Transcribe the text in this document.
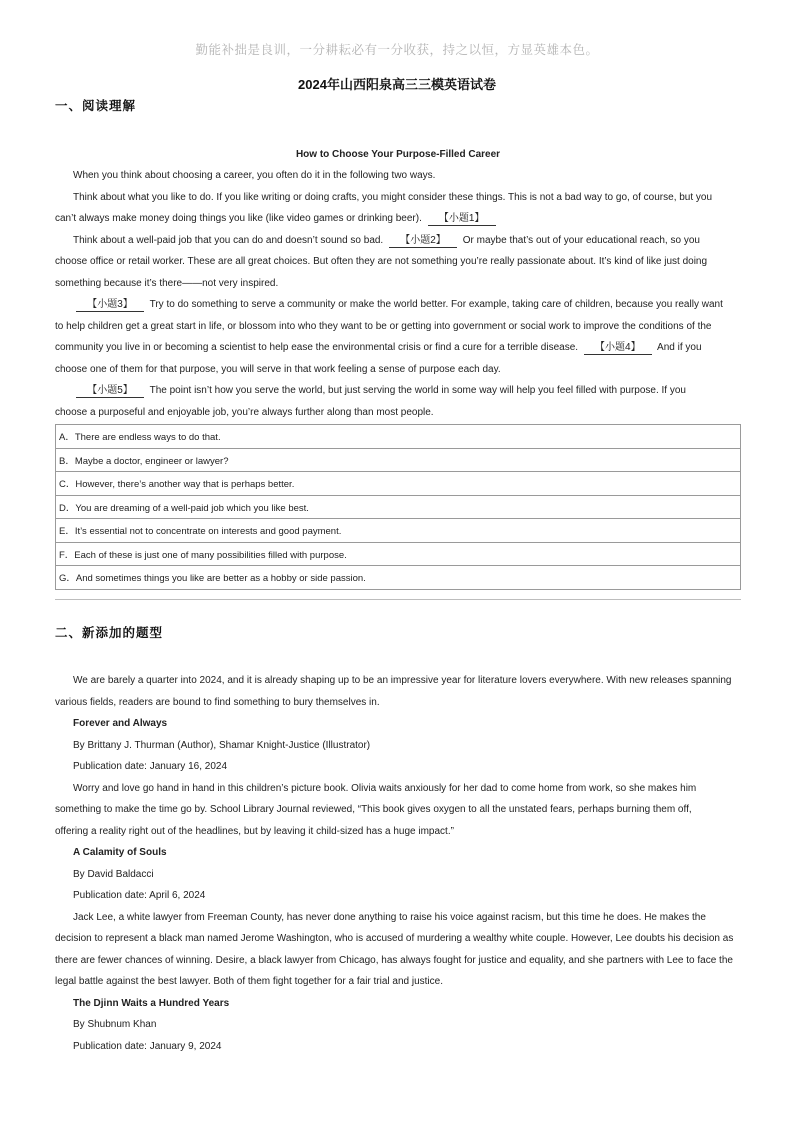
勤能补拙是良训，一分耕耘必有一分收获，持之以恒，方显英雄本色。
2024年山西阳泉高三三模英语试卷
一、阅读理解

How to Choose Your Purpose-Filled Career

When you think about choosing a career, you often do it in the following two ways.

Think about what you like to do. If you like writing or doing crafts, you might consider these things. This is not a bad way to go, of course, but you

can’t always make money doing things you like (like video games or drinking beer). 【小题1】

Think about a well-paid job that you can do and doesn’t sound so bad. 【小题2】 Or maybe that’s out of your educational reach, so you

choose office or retail worker. These are all great choices. But often they are not something you’re really passionate about. It’s kind of like just doing

something because it’s there——not very inspired.

【小题3】 Try to do something to serve a community or make the world better. For example, taking care of children, because you really want

to help children get a great start in life, or blossom into who they want to be or getting into government or social work to improve the conditions of the

community you live in or becoming a scientist to help ease the environmental crisis or find a cure for a terrible disease. 【小题4】 And if you

choose one of them for that purpose, you will serve in that work feeling a sense of purpose each day.

【小题5】 The point isn’t how you serve the world, but just serving the world in some way will help you feel filled with purpose. If you

choose a purposeful and enjoyable job, you’re always further along than most people.

A．There are endless ways to do that.
B．Maybe a doctor, engineer or lawyer?
C．However, there’s another way that is perhaps better.
D．You are dreaming of a well-paid job which you like best.
E．It’s essential not to concentrate on interests and good payment.
F．Each of these is just one of many possibilities filled with purpose.
G．And sometimes things you like are better as a hobby or side passion.
二、新添加的题型

We are barely a quarter into 2024, and it is already shaping up to be an impressive year for literature lovers everywhere. With new releases spanning

various fields, readers are bound to find something to bury themselves in.

Forever and Always

By Brittany J. Thurman (Author), Shamar Knight-Justice (Illustrator)

Publication date: January 16, 2024

Worry and love go hand in hand in this children’s picture book. Olivia waits anxiously for her dad to come home from work, so she makes him

something to make the time go by. School Library Journal reviewed, “This book gives oxygen to all the unstated fears, perhaps burning them off,

offering a reality right out of the headlines, but by leaving it child-sized has a huge impact.”

A Calamity of Souls

By David Baldacci

Publication date: April 6, 2024

Jack Lee, a white lawyer from Freeman County, has never done anything to raise his voice against racism, but this time he does. He makes the

decision to represent a black man named Jerome Washington, who is accused of murdering a wealthy white couple. However, Lee doubts his decision as

there are fewer chances of winning. Desire, a black lawyer from Chicago, has always fought for justice and equality, and she partners with Lee to face the

legal battle against the best lawyer. Both of them fight together for a fair trial and justice.

The Djinn Waits a Hundred Years

By Shubnum Khan

Publication date: January 9, 2024
